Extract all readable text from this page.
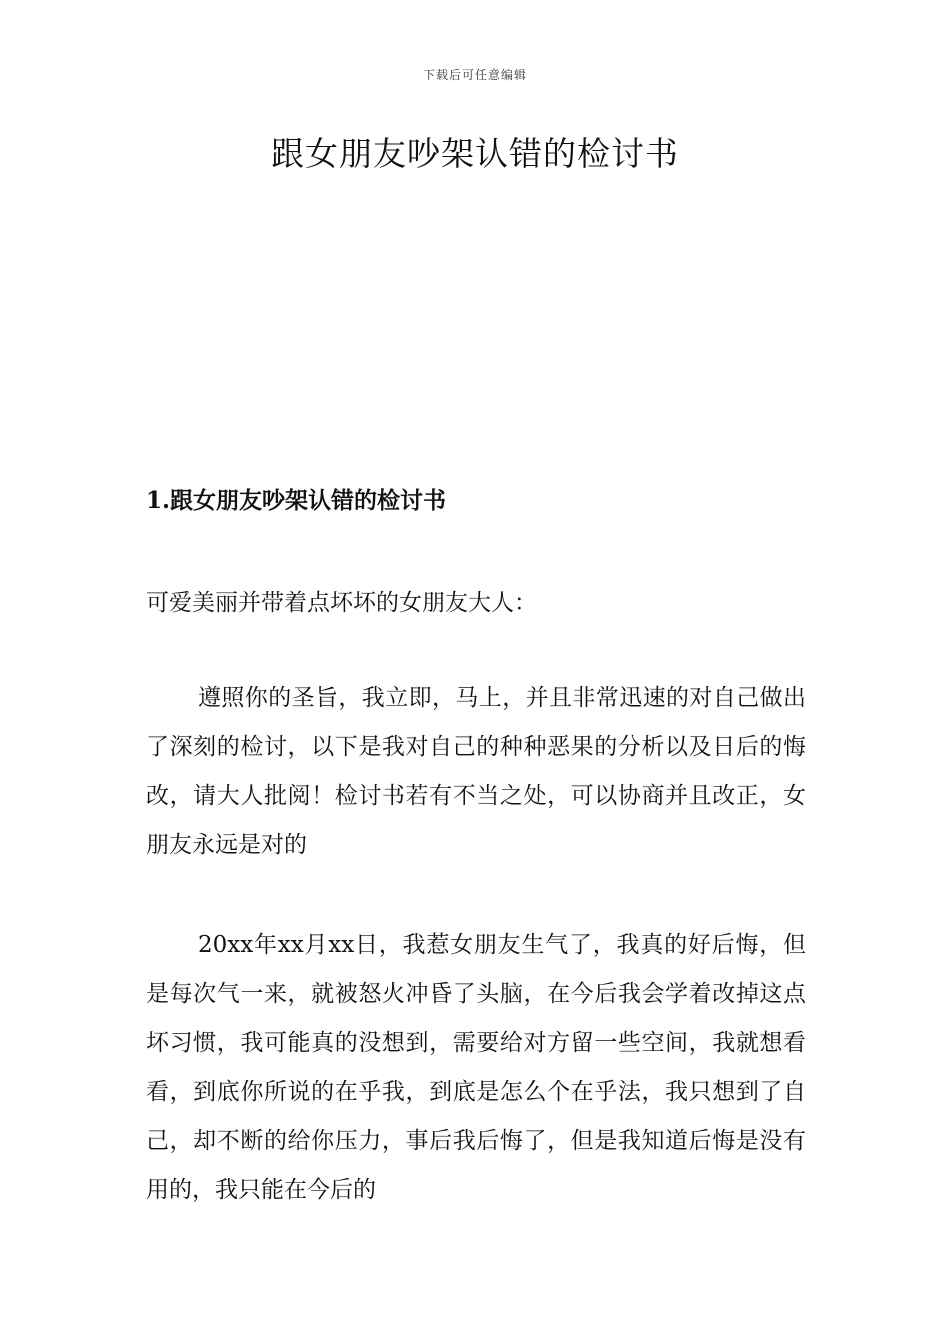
下载后可任意编辑
跟女朋友吵架认错的检讨书
1.跟女朋友吵架认错的检讨书
可爱美丽并带着点坏坏的女朋友大人：

遵照你的圣旨，我立即，马上，并且非常迅速的对自己做出了深刻的检讨，以下是我对自己的种种恶果的分析以及日后的悔改，请大人批阅！检讨书若有不当之处，可以协商并且改正，女朋友永远是对的

20xx年xx月xx日，我惹女朋友生气了，我真的好后悔，但是每次气一来，就被怒火冲昏了头脑，在今后我会学着改掉这点坏习惯，我可能真的没想到，需要给对方留一些空间，我就想看看，到底你所说的在乎我，到底是怎么个在乎法，我只想到了自己，却不断的给你压力，事后我后悔了，但是我知道后悔是没有用的，我只能在今后的
